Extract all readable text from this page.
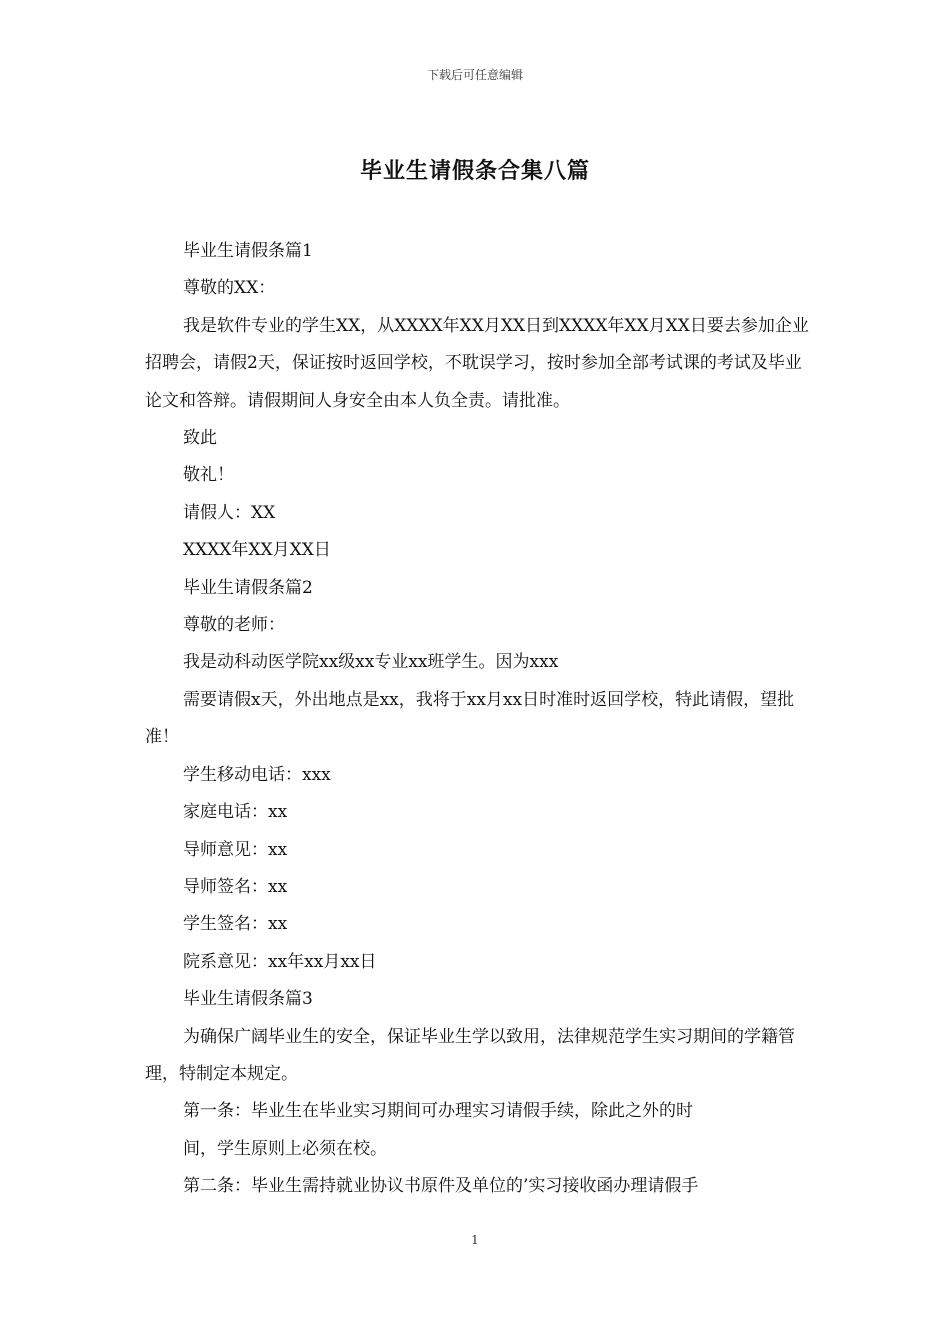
下载后可任意编辑
毕业生请假条合集八篇

毕业生请假条篇1

尊敬的XX：

我是软件专业的学生XX，从XXXX年XX月XX日到XXXX年XX月XX日要去参加企业招聘会，请假2天，保证按时返回学校，不耽误学习，按时参加全部考试课的考试及毕业论文和答辩。请假期间人身安全由本人负全责。请批准。

致此

敬礼！

请假人：XX

XXXX年XX月XX日

毕业生请假条篇2

尊敬的老师：

我是动科动医学院xx级xx专业xx班学生。因为xxx

需要请假x天，外出地点是xx，我将于xx月xx日时准时返回学校，特此请假，望批准！

学生移动电话：xxx

家庭电话：xx

导师意见：xx

导师签名：xx

学生签名：xx

院系意见：xx年xx月xx日

毕业生请假条篇3

为确保广阔毕业生的安全，保证毕业生学以致用，法律规范学生实习期间的学籍管理，特制定本规定。

第一条：毕业生在毕业实习期间可办理实习请假手续，除此之外的时

间，学生原则上必须在校。

第二条：毕业生需持就业协议书原件及单位的’实习接收函办理请假手

1
